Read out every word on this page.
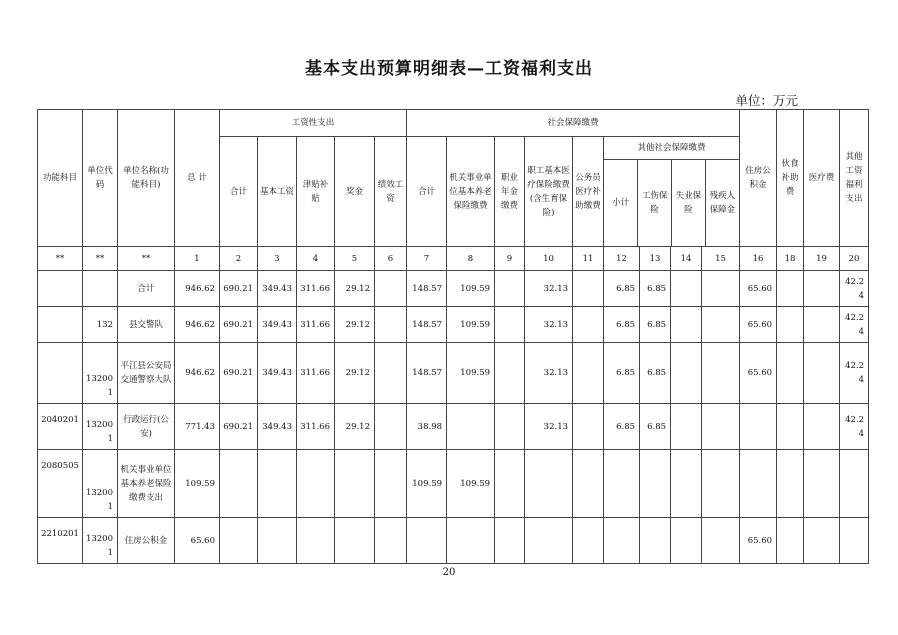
基本支出预算明细表—工资福利支出
单位：万元
功能科目	单位代码	单位名称(功能科目)	总 计	工资性支出	社会保障缴费	住房公积金	伙食补助费	医疗费	其他工资福利支出
合计	基本工资	津贴补贴	奖金	绩效工资	合计	机关事业单位基本养老保险缴费	职业年金缴费	职工基本医疗保险缴费(含生育保险)	公务员医疗补助缴费	
其他社会保障缴费
小计	工伤保险	失业保险	残疾人保障金

**	**	**	1	2	3	4	5	6	7	8	9	10	11	12	13	14	15	16	18	19	20
		合计	946.62	690.21	349.43	311.66	29.12		148.57	109.59		32.13		6.85	6.85			65.60			42.24
	132	县交警队	946.62	690.21	349.43	311.66	29.12		148.57	109.59		32.13		6.85	6.85			65.60			42.24
	132001	平江县公安局交通警察大队	946.62	690.21	349.43	311.66	29.12		148.57	109.59		32.13		6.85	6.85			65.60			42.24
2040201	132001	行政运行(公安)	771.43	690.21	349.43	311.66	29.12		38.98			32.13		6.85	6.85						42.24
2080505	132001	机关事业单位基本养老保险缴费支出	109.59						109.59	109.59											
2210201	132001	住房公积金	65.60															65.60			
20
